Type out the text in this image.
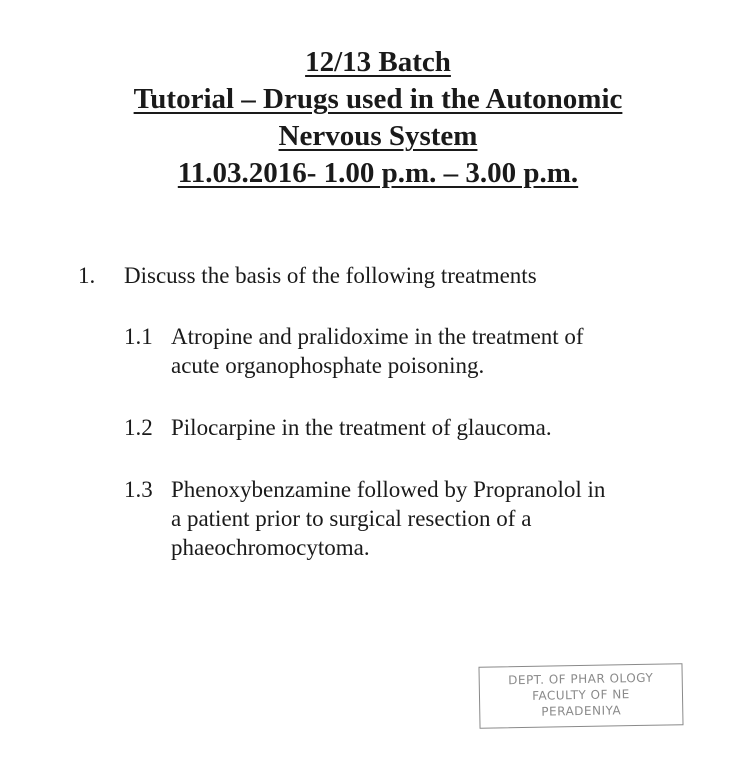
12/13 Batch
Tutorial – Drugs used in the Autonomic
Nervous System
11.03.2016- 1.00 p.m. – 3.00 p.m.
1. Discuss the basis of the following treatments
1.1 Atropine and pralidoxime in the treatment of
acute organophosphate poisoning.
1.2 Pilocarpine in the treatment of glaucoma.
1.3 Phenoxybenzamine followed by Propranolol in
a patient prior to surgical resection of a
phaeochromocytoma.
DEPT. OF PHAR OLOGY
FACULTY OF NE
PERADENIYA
